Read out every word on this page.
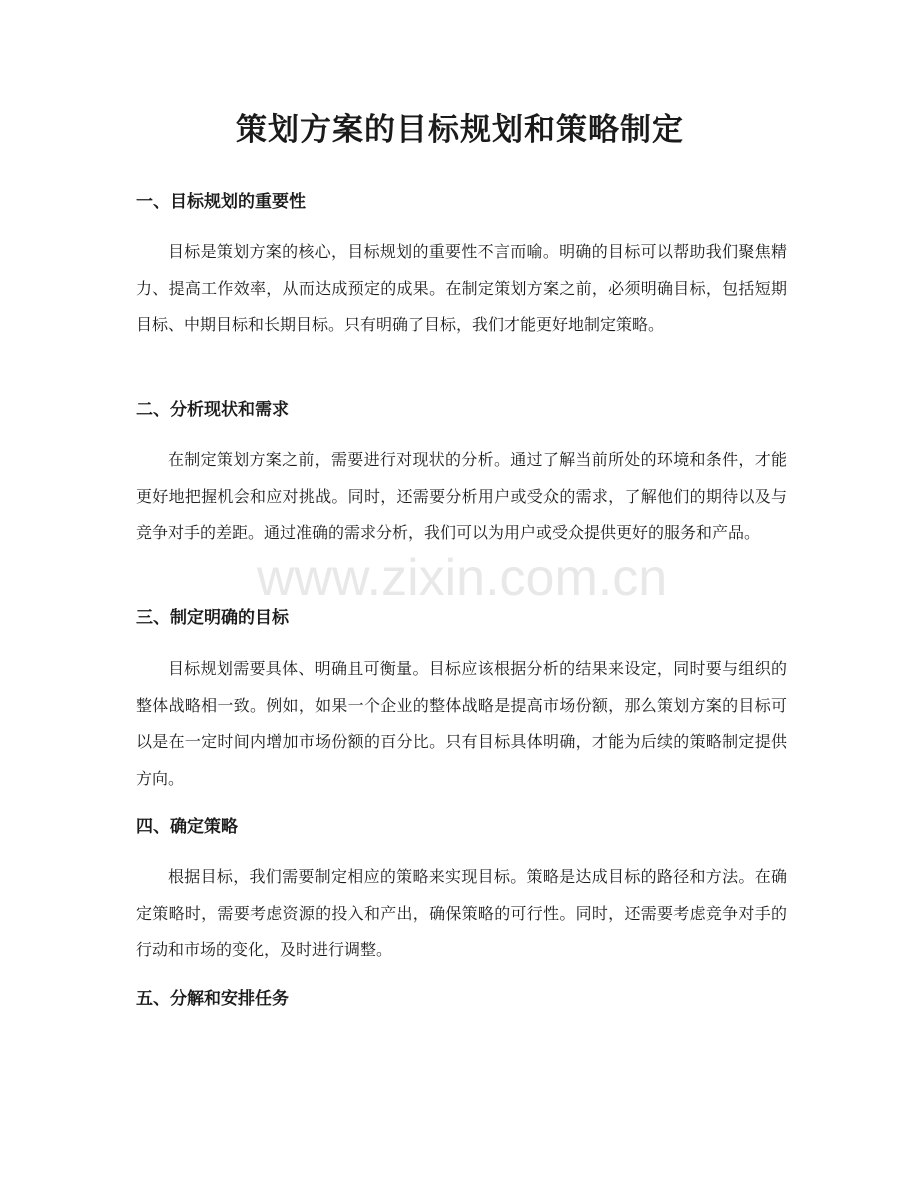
策划方案的目标规划和策略制定
一、目标规划的重要性

目标是策划方案的核心，目标规划的重要性不言而喻。明确的目标可以帮助我们聚焦精力、提高工作效率，从而达成预定的成果。在制定策划方案之前，必须明确目标，包括短期目标、中期目标和长期目标。只有明确了目标，我们才能更好地制定策略。

二、分析现状和需求

在制定策划方案之前，需要进行对现状的分析。通过了解当前所处的环境和条件，才能更好地把握机会和应对挑战。同时，还需要分析用户或受众的需求，了解他们的期待以及与竞争对手的差距。通过准确的需求分析，我们可以为用户或受众提供更好的服务和产品。

三、制定明确的目标

目标规划需要具体、明确且可衡量。目标应该根据分析的结果来设定，同时要与组织的整体战略相一致。例如，如果一个企业的整体战略是提高市场份额，那么策划方案的目标可以是在一定时间内增加市场份额的百分比。只有目标具体明确，才能为后续的策略制定提供方向。

四、确定策略

根据目标，我们需要制定相应的策略来实现目标。策略是达成目标的路径和方法。在确定策略时，需要考虑资源的投入和产出，确保策略的可行性。同时，还需要考虑竞争对手的行动和市场的变化，及时进行调整。

五、分解和安排任务
www.zixin.com.cn
